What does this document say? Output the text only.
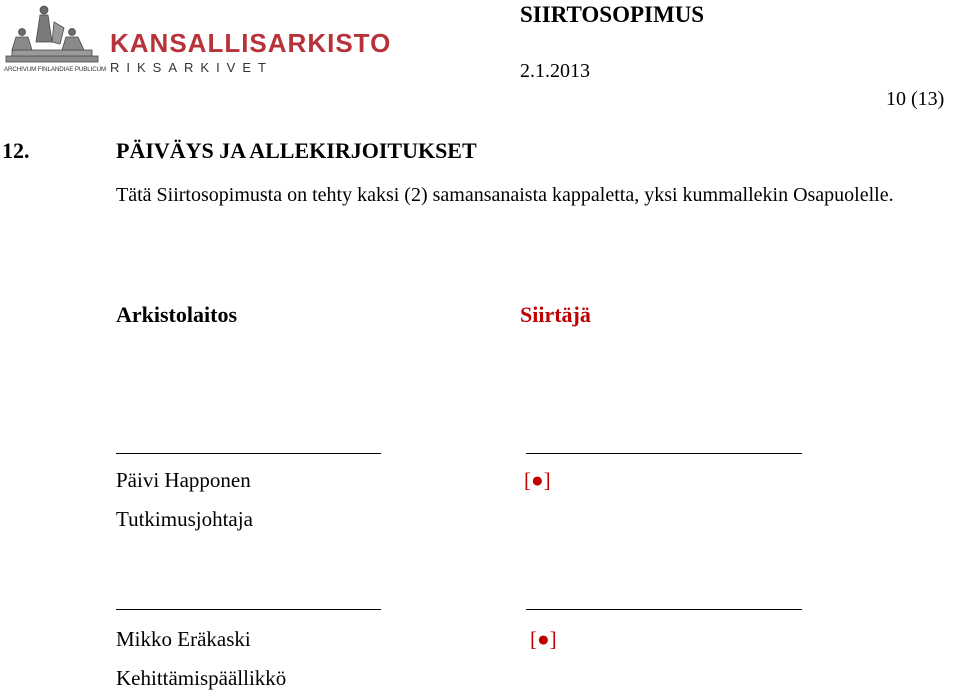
ARCHIVUM FINLANDIAE PUBLICUM
KANSALLISARKISTO
RIKSARKIVET
SIIRTOSOPIMUS
2.1.2013
10 (13)
12.	PÄIVÄYS JA ALLEKIRJOITUKSET
Tätä Siirtosopimusta on tehty kaksi (2) samansanaista kappaletta, yksi kummallekin Osapuolelle.
Arkistolaitos	Siirtäjä
Päivi Happonen
Tutkimusjohtaja
[●]
Mikko Eräkaski
Kehittämispäällikkö
[●]
